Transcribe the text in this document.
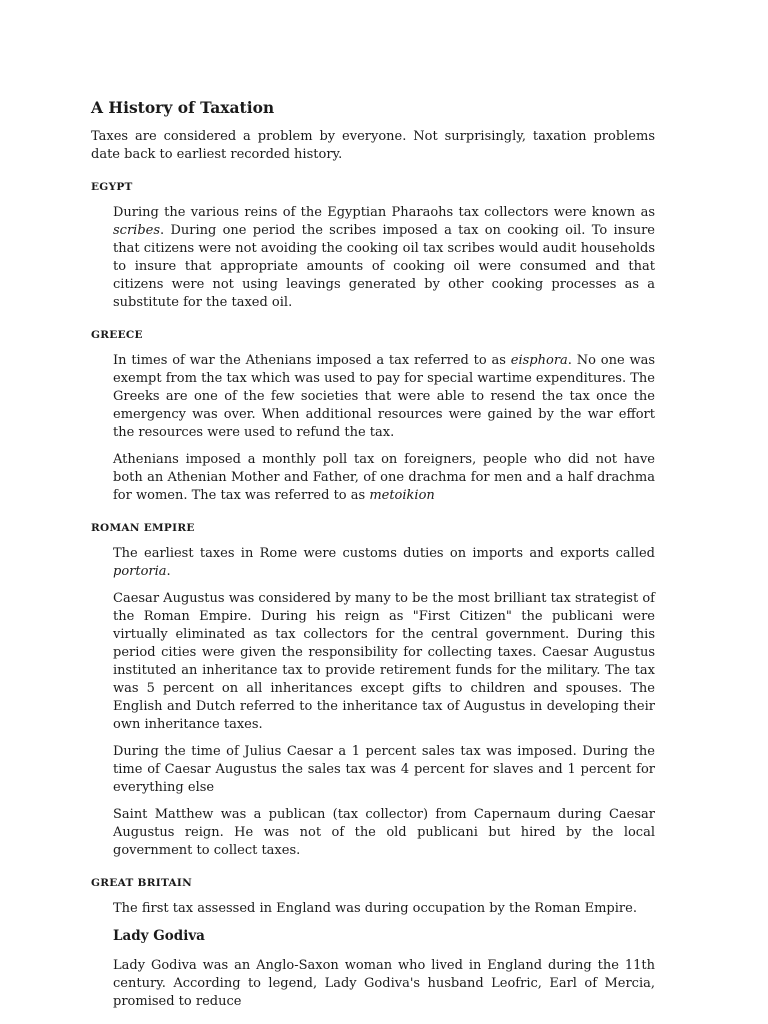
A History of Taxation

Taxes are considered a problem by everyone. Not surprisingly, taxation problems date back to earliest recorded history.

EGYPT

During the various reins of the Egyptian Pharaohs tax collectors were known as scribes. During one period the scribes imposed a tax on cooking oil. To insure that citizens were not avoiding the cooking oil tax scribes would audit households to insure that appropriate amounts of cooking oil were consumed and that citizens were not using leavings generated by other cooking processes as a substitute for the taxed oil.

GREECE

In times of war the Athenians imposed a tax referred to as eisphora. No one was exempt from the tax which was used to pay for special wartime expenditures. The Greeks are one of the few societies that were able to resend the tax once the emergency was over. When additional resources were gained by the war effort the resources were used to refund the tax.

Athenians imposed a monthly poll tax on foreigners, people who did not have both an Athenian Mother and Father, of one drachma for men and a half drachma for women. The tax was referred to as metoikion

ROMAN EMPIRE

The earliest taxes in Rome were customs duties on imports and exports called portoria.

Caesar Augustus was considered by many to be the most brilliant tax strategist of the Roman Empire. During his reign as "First Citizen" the publicani were virtually eliminated as tax collectors for the central government. During this period cities were given the responsibility for collecting taxes. Caesar Augustus instituted an inheritance tax to provide retirement funds for the military. The tax was 5 percent on all inheritances except gifts to children and spouses. The English and Dutch referred to the inheritance tax of Augustus in developing their own inheritance taxes.

During the time of Julius Caesar a 1 percent sales tax was imposed. During the time of Caesar Augustus the sales tax was 4 percent for slaves and 1 percent for everything else

Saint Matthew was a publican (tax collector) from Capernaum during Caesar Augustus reign. He was not of the old publicani but hired by the local government to collect taxes.

GREAT BRITAIN

The first tax assessed in England was during occupation by the Roman Empire.

Lady Godiva

Lady Godiva was an Anglo-Saxon woman who lived in England during the 11th century. According to legend, Lady Godiva's husband Leofric, Earl of Mercia, promised to reduce
